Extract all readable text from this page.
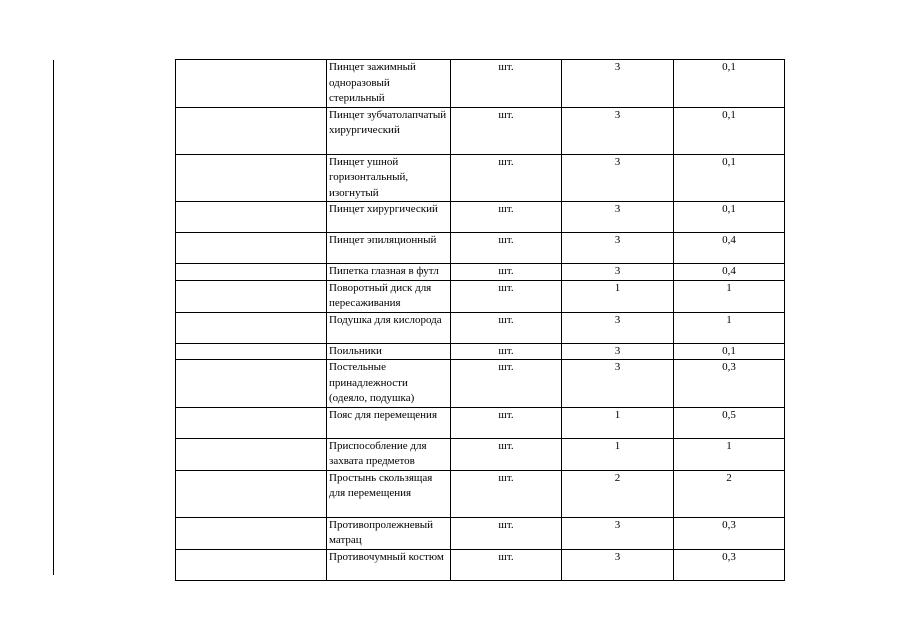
	Пинцет зажимный одноразовый стерильный	шт.	3	0,1
	Пинцет зубчатолапчатый хирургический	шт.	3	0,1
	Пинцет ушной горизонтальный, изогнутый	шт.	3	0,1
	Пинцет хирургический	шт.	3	0,1
	Пинцет эпиляционный	шт.	3	0,4
	Пипетка глазная в футл	шт.	3	0,4
	Поворотный диск для пересаживания	шт.	1	1
	Подушка для кислорода	шт.	3	1
	Поильники	шт.	3	0,1
	Постельные принадлежности (одеяло, подушка)	шт.	3	0,3
	Пояс для перемещения	шт.	1	0,5
	Приспособление для захвата предметов	шт.	1	1
	Простынь скользящая для перемещения	шт.	2	2
	Противопролежневый матрац	шт.	3	0,3
	Противочумный костюм	шт.	3	0,3
